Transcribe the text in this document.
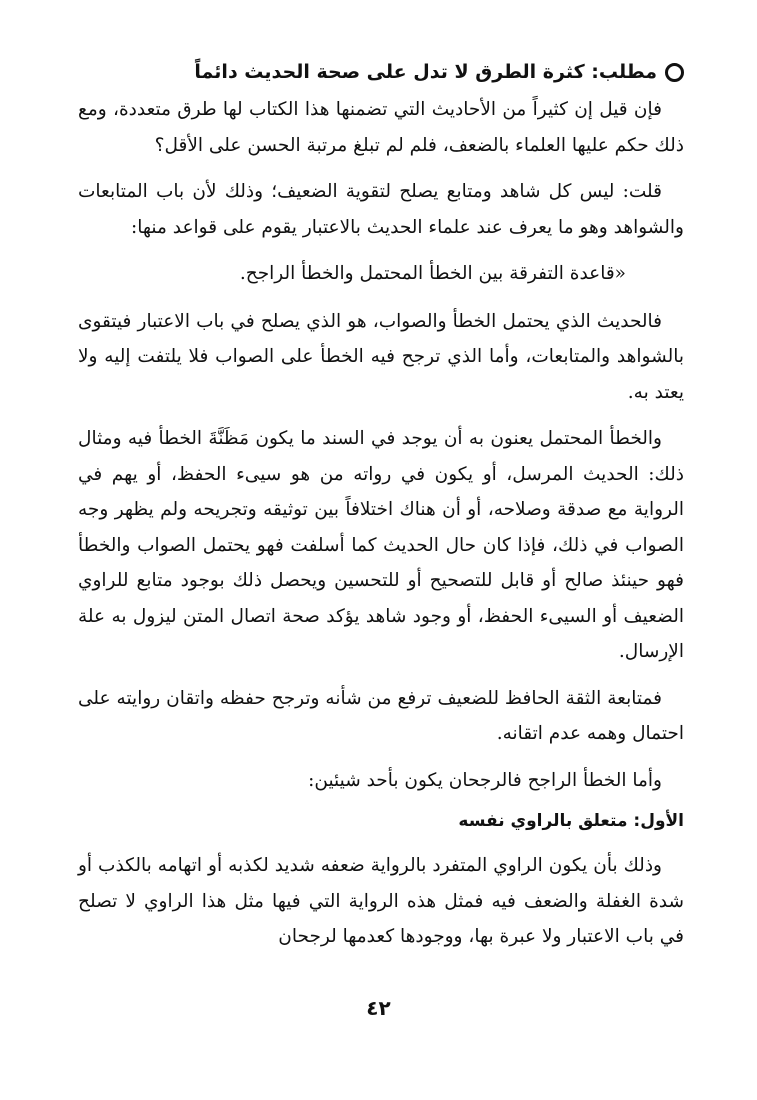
مطلب: كثرة الطرق لا تدل على صحة الحديث دائماً

فإن قيل إن كثيراً من الأحاديث التي تضمنها هذا الكتاب لها طرق متعددة، ومع ذلك حكم عليها العلماء بالضعف، فلم لم تبلغ مرتبة الحسن على الأقل؟

قلت: ليس كل شاهد ومتابع يصلح لتقوية الضعيف؛ وذلك لأن باب المتابعات والشواهد وهو ما يعرف عند علماء الحديث بالاعتبار يقوم على قواعد منها:

«قاعدة التفرقة بين الخطأ المحتمل والخطأ الراجح.

فالحديث الذي يحتمل الخطأ والصواب، هو الذي يصلح في باب الاعتبار فيتقوى بالشواهد والمتابعات، وأما الذي ترجح فيه الخطأ على الصواب فلا يلتفت إليه ولا يعتد به.

والخطأ المحتمل يعنون به أن يوجد في السند ما يكون مَظَنَّةَ الخطأ فيه ومثال ذلك: الحديث المرسل، أو يكون في رواته من هو سيىء الحفظ، أو يهم في الرواية مع صدقة وصلاحه، أو أن هناك اختلافاً بين توثيقه وتجريحه ولم يظهر وجه الصواب في ذلك، فإذا كان حال الحديث كما أسلفت فهو يحتمل الصواب والخطأ فهو حينئذ صالح أو قابل للتصحيح أو للتحسين ويحصل ذلك بوجود متابع للراوي الضعيف أو السيىء الحفظ، أو وجود شاهد يؤكد صحة اتصال المتن ليزول به علة الإرسال.

فمتابعة الثقة الحافظ للضعيف ترفع من شأنه وترجح حفظه واتقان روايته على احتمال وهمه عدم اتقانه.

وأما الخطأ الراجح فالرجحان يكون بأحد شيئين:

الأول: متعلق بالراوي نفسه

وذلك بأن يكون الراوي المتفرد بالرواية ضعفه شديد لكذبه أو اتهامه بالكذب أو شدة الغفلة والضعف فيه فمثل هذه الرواية التي فيها مثل هذا الراوي لا تصلح في باب الاعتبار ولا عبرة بها، ووجودها كعدمها لرجحان

٤٢
